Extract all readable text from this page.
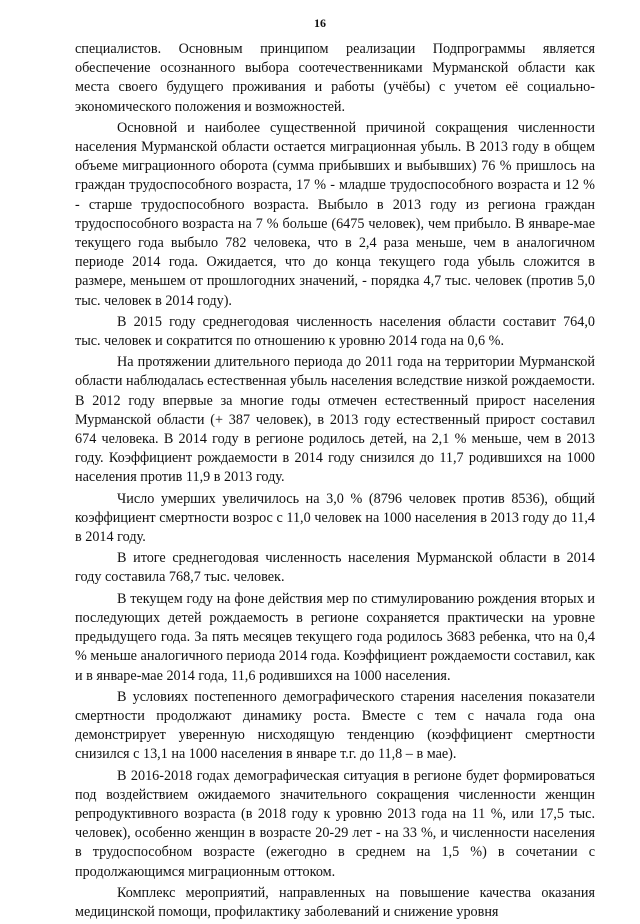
16

специалистов. Основным принципом реализации Подпрограммы является обеспечение осознанного выбора соотечественниками Мурманской области как места своего будущего проживания и работы (учёбы) с учетом её социально-экономического положения и возможностей.

Основной и наиболее существенной причиной сокращения численности населения Мурманской области остается миграционная убыль. В 2013 году в общем объеме миграционного оборота (сумма прибывших и выбывших) 76 % пришлось на граждан трудоспособного возраста, 17 % - младше трудоспособного возраста и 12 % - старше трудоспособного возраста. Выбыло в 2013 году из региона граждан трудоспособного возраста на 7 % больше (6475 человек), чем прибыло. В январе-мае текущего года выбыло 782 человека, что в 2,4 раза меньше, чем в аналогичном периоде 2014 года. Ожидается, что до конца текущего года убыль сложится в размере, меньшем от прошлогодних значений, - порядка 4,7 тыс. человек (против 5,0 тыс. человек в 2014 году).

В 2015 году среднегодовая численность населения области составит 764,0 тыс. человек и сократится по отношению к уровню 2014 года на 0,6 %.

На протяжении длительного периода до 2011 года на территории Мурманской области наблюдалась естественная убыль населения вследствие низкой рождаемости. В 2012 году впервые за многие годы отмечен естественный прирост населения Мурманской области (+ 387 человек), в 2013 году естественный прирост составил 674 человека. В 2014 году в регионе родилось детей, на 2,1 % меньше, чем в 2013 году. Коэффициент рождаемости в 2014 году снизился до 11,7 родившихся на 1000 населения против 11,9 в 2013 году.

Число умерших увеличилось на 3,0 % (8796 человек против 8536), общий коэффициент смертности возрос с 11,0 человек на 1000 населения в 2013 году до 11,4 в 2014 году.

В итоге среднегодовая численность населения Мурманской области в 2014 году составила 768,7 тыс. человек.

В текущем году на фоне действия мер по стимулированию рождения вторых и последующих детей рождаемость в регионе сохраняется практически на уровне предыдущего года. За пять месяцев текущего года родилось 3683 ребенка, что на 0,4 % меньше аналогичного периода 2014 года. Коэффициент рождаемости составил, как и в январе-мае 2014 года, 11,6 родившихся на 1000 населения.

В условиях постепенного демографического старения населения показатели смертности продолжают динамику роста. Вместе с тем с начала года она демонстрирует уверенную нисходящую тенденцию (коэффициент смертности снизился с 13,1 на 1000 населения в январе т.г. до 11,8 – в мае).

В 2016-2018 годах демографическая ситуация в регионе будет формироваться под воздействием ожидаемого значительного сокращения численности женщин репродуктивного возраста (в 2018 году к уровню 2013 года на 11 %, или 17,5 тыс. человек), особенно женщин в возрасте 20-29 лет - на 33 %, и численности населения в трудоспособном возрасте (ежегодно в среднем на 1,5 %) в сочетании с продолжающимся миграционным оттоком.

Комплекс мероприятий, направленных на повышение качества оказания медицинской помощи, профилактику заболеваний и снижение уровня
